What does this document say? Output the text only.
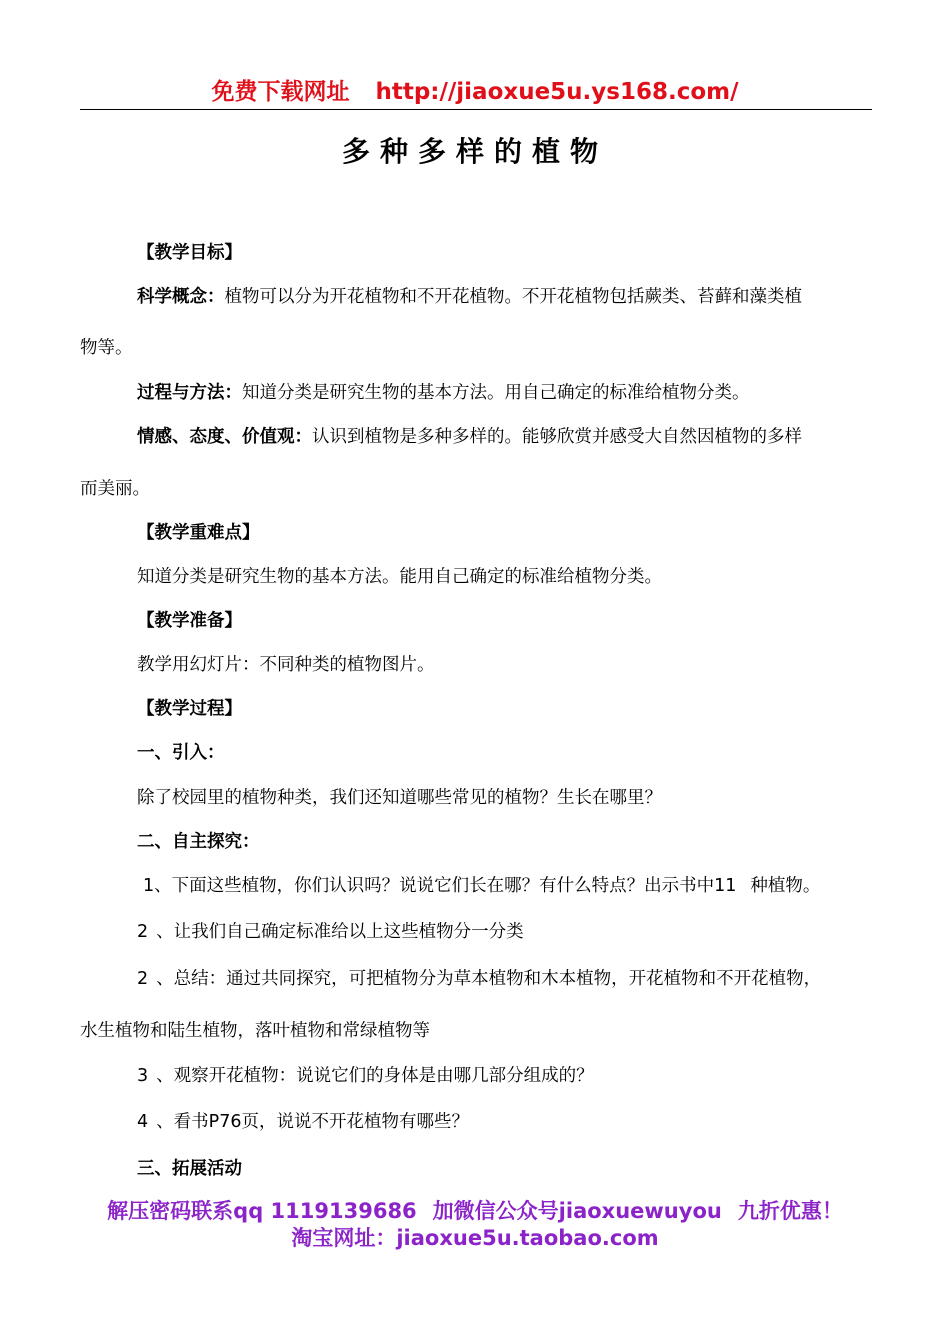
免费下载网址 http://jiaoxue5u.ys168.com/
多种多样的植物
【教学目标】
科学概念：植物可以分为开花植物和不开花植物。不开花植物包括蕨类、苔藓和藻类植
物等。
过程与方法：知道分类是研究生物的基本方法。用自己确定的标准给植物分类。
情感、态度、价值观：认识到植物是多种多样的。能够欣赏并感受大自然因植物的多样
而美丽。
【教学重难点】
知道分类是研究生物的基本方法。能用自己确定的标准给植物分类。
【教学准备】
教学用幻灯片：不同种类的植物图片。
【教学过程】
一、引入：
除了校园里的植物种类，我们还知道哪些常见的植物？生长在哪里？
二、自主探究：
1、下面这些植物，你们认识吗？说说它们长在哪？有什么特点？出示书中11 种植物。
2 、让我们自己确定标准给以上这些植物分一分类
2 、总结：通过共同探究，可把植物分为草本植物和木本植物，开花植物和不开花植物，
水生植物和陆生植物，落叶植物和常绿植物等
3 、观察开花植物：说说它们的身体是由哪几部分组成的？
4 、看书P76页，说说不开花植物有哪些？
三、拓展活动
解压密码联系qq 1119139686 加微信公众号jiaoxuewuyou 九折优惠！
淘宝网址：jiaoxue5u.taobao.com
